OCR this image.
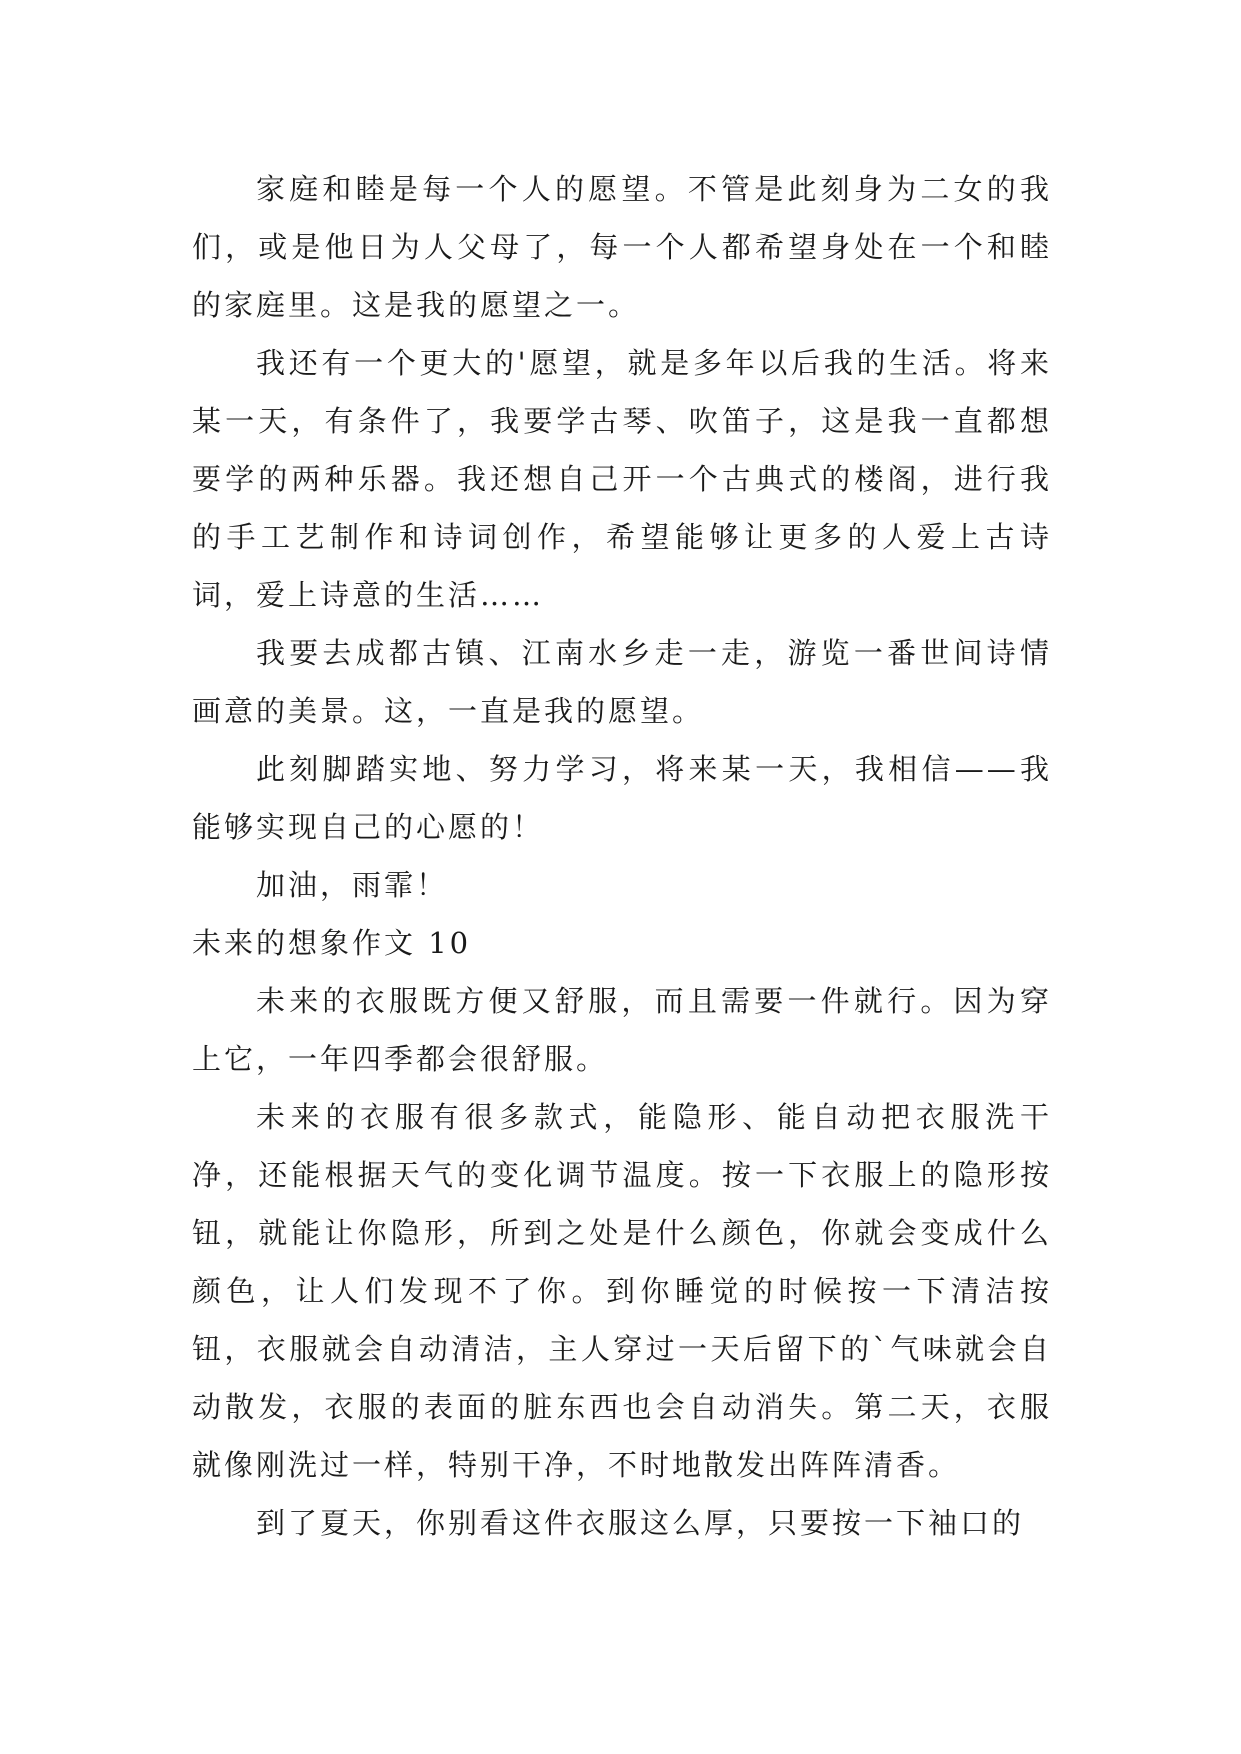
家庭和睦是每一个人的愿望。不管是此刻身为二女的我们，或是他日为人父母了，每一个人都希望身处在一个和睦的家庭里。这是我的愿望之一。

我还有一个更大的'愿望，就是多年以后我的生活。将来某一天，有条件了，我要学古琴、吹笛子，这是我一直都想要学的两种乐器。我还想自己开一个古典式的楼阁，进行我的手工艺制作和诗词创作，希望能够让更多的人爱上古诗词，爱上诗意的生活……

我要去成都古镇、江南水乡走一走，游览一番世间诗情画意的美景。这，一直是我的愿望。

此刻脚踏实地、努力学习，将来某一天，我相信——我能够实现自己的心愿的！

加油，雨霏！

未来的想象作文 10

未来的衣服既方便又舒服，而且需要一件就行。因为穿上它，一年四季都会很舒服。

未来的衣服有很多款式，能隐形、能自动把衣服洗干净，还能根据天气的变化调节温度。按一下衣服上的隐形按钮，就能让你隐形，所到之处是什么颜色，你就会变成什么颜色，让人们发现不了你。到你睡觉的时候按一下清洁按钮，衣服就会自动清洁，主人穿过一天后留下的`气味就会自动散发，衣服的表面的脏东西也会自动消失。第二天，衣服就像刚洗过一样，特别干净，不时地散发出阵阵清香。

到了夏天，你别看这件衣服这么厚，只要按一下袖口的
